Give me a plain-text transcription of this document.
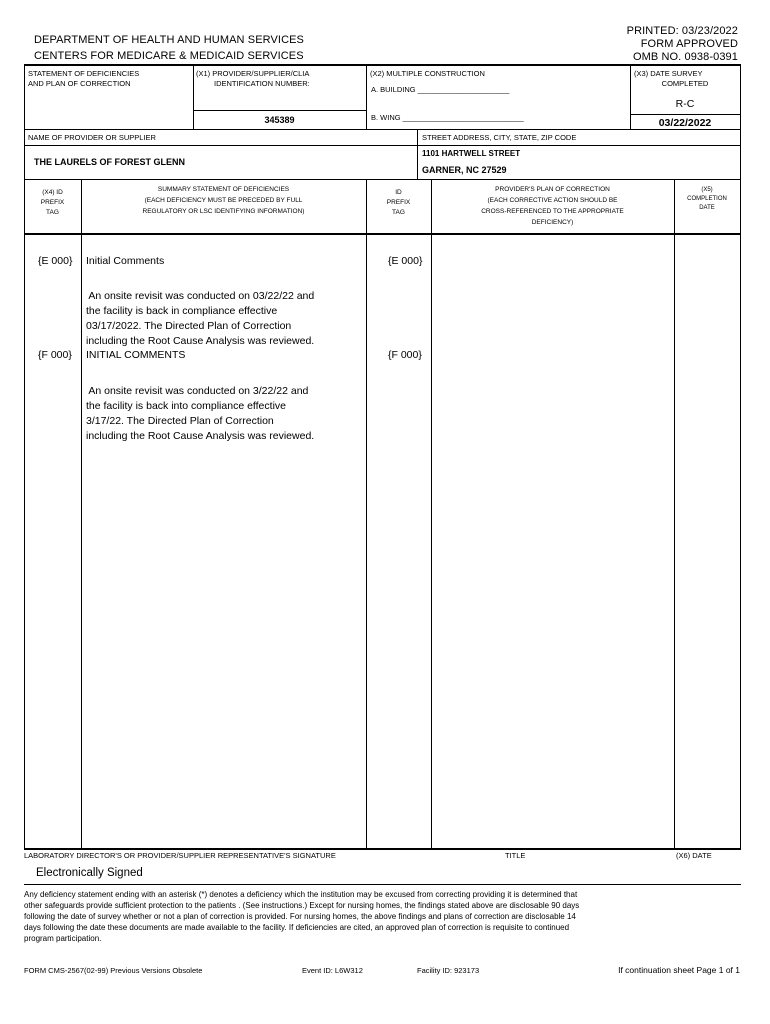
DEPARTMENT OF HEALTH AND HUMAN SERVICES
CENTERS FOR MEDICARE & MEDICAID SERVICES
PRINTED: 03/23/2022
FORM APPROVED
OMB NO. 0938-0391
STATEMENT OF DEFICIENCIES
AND PLAN OF CORRECTION
(X1) PROVIDER/SUPPLIER/CLIA
IDENTIFICATION NUMBER:
345389
(X2) MULTIPLE CONSTRUCTION
A. BUILDING ______________________
B. WING _____________________________
(X3) DATE SURVEY
COMPLETED
R-C
03/22/2022
NAME OF PROVIDER OR SUPPLIER
THE LAURELS OF FOREST GLENN
STREET ADDRESS, CITY, STATE, ZIP CODE
1101 HARTWELL STREET
GARNER, NC 27529
(X4) ID
PREFIX
TAG
SUMMARY STATEMENT OF DEFICIENCIES
(EACH DEFICIENCY MUST BE PRECEDED BY FULL
REGULATORY OR LSC IDENTIFYING INFORMATION)
ID
PREFIX
TAG
PROVIDER'S PLAN OF CORRECTION
(EACH CORRECTIVE ACTION SHOULD BE
CROSS-REFERENCED TO THE APPROPRIATE
DEFICIENCY)
(X5)
COMPLETION
DATE
{E 000} Initial Comments	{E 000}
An onsite revisit was conducted on 03/22/22 and
the facility is back in compliance effective
03/17/2022. The Directed Plan of Correction
including the Root Cause Analysis was reviewed.
{F 000} INITIAL COMMENTS	{F 000}
An onsite revisit was conducted on 3/22/22 and
the facility is back into compliance effective
3/17/22. The Directed Plan of Correction
including the Root Cause Analysis was reviewed.
LABORATORY DIRECTOR'S OR PROVIDER/SUPPLIER REPRESENTATIVE'S SIGNATURE	TITLE	(X6) DATE
Electronically Signed
Any deficiency statement ending with an asterisk (*) denotes a deficiency which the institution may be excused from correcting providing it is determined that
other safeguards provide sufficient protection to the patients . (See instructions.) Except for nursing homes, the findings stated above are disclosable 90 days
following the date of survey whether or not a plan of correction is provided. For nursing homes, the above findings and plans of correction are disclosable 14
days following the date these documents are made available to the facility. If deficiencies are cited, an approved plan of correction is requisite to continued
program participation.
FORM CMS-2567(02-99) Previous Versions Obsolete	Event ID: L6W312	Facility ID: 923173	If continuation sheet Page 1 of 1
